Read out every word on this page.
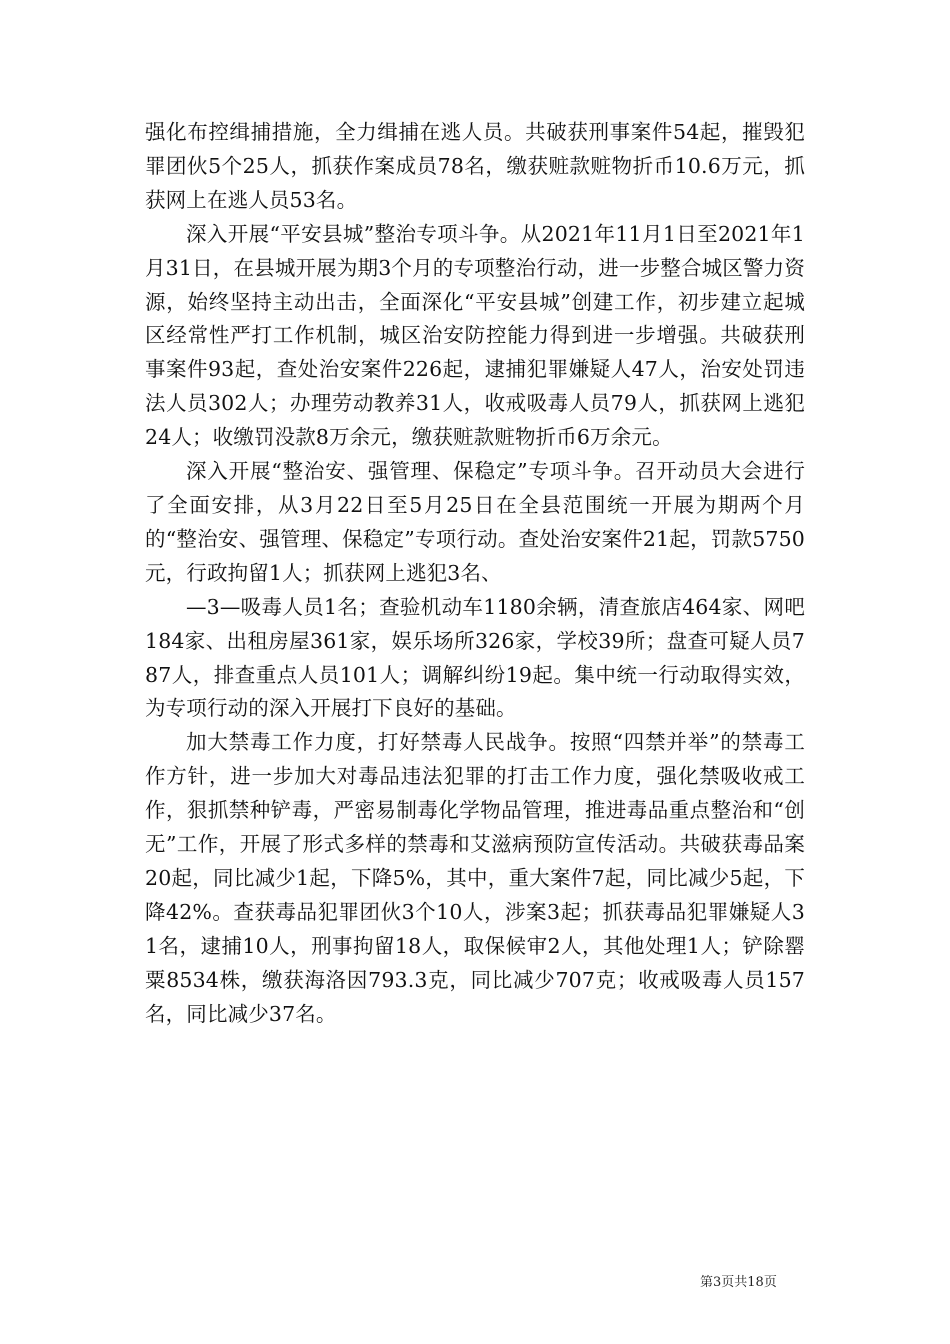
强化布控缉捕措施，全力缉捕在逃人员。共破获刑事案件54起，摧毁犯罪团伙5个25人，抓获作案成员78名，缴获赃款赃物折币10.6万元，抓获网上在逃人员53名。

深入开展“平安县城”整治专项斗争。从2021年11月1日至2021年1月31日，在县城开展为期3个月的专项整治行动，进一步整合城区警力资源，始终坚持主动出击，全面深化“平安县城”创建工作，初步建立起城区经常性严打工作机制，城区治安防控能力得到进一步增强。共破获刑事案件93起，查处治安案件226起，逮捕犯罪嫌疑人47人，治安处罚违法人员302人；办理劳动教养31人，收戒吸毒人员79人，抓获网上逃犯24人；收缴罚没款8万余元，缴获赃款赃物折币6万余元。

深入开展“整治安、强管理、保稳定”专项斗争。召开动员大会进行了全面安排，从3月22日至5月25日在全县范围统一开展为期两个月的“整治安、强管理、保稳定”专项行动。查处治安案件21起，罚款5750元，行政拘留1人；抓获网上逃犯3名、

—3—吸毒人员1名；查验机动车1180余辆，清查旅店464家、网吧184家、出租房屋361家，娱乐场所326家，学校39所；盘查可疑人员787人，排查重点人员101人；调解纠纷19起。集中统一行动取得实效，为专项行动的深入开展打下良好的基础。

加大禁毒工作力度，打好禁毒人民战争。按照“四禁并举”的禁毒工作方针，进一步加大对毒品违法犯罪的打击工作力度，强化禁吸收戒工作，狠抓禁种铲毒，严密易制毒化学物品管理，推进毒品重点整治和“创无”工作，开展了形式多样的禁毒和艾滋病预防宣传活动。共破获毒品案20起，同比减少1起，下降5%，其中，重大案件7起，同比减少5起，下降42%。查获毒品犯罪团伙3个10人，涉案3起；抓获毒品犯罪嫌疑人31名，逮捕10人，刑事拘留18人，取保候审2人，其他处理1人；铲除罂粟8534株，缴获海洛因793.3克，同比减少707克；收戒吸毒人员157名，同比减少37名。

第3页共18页
